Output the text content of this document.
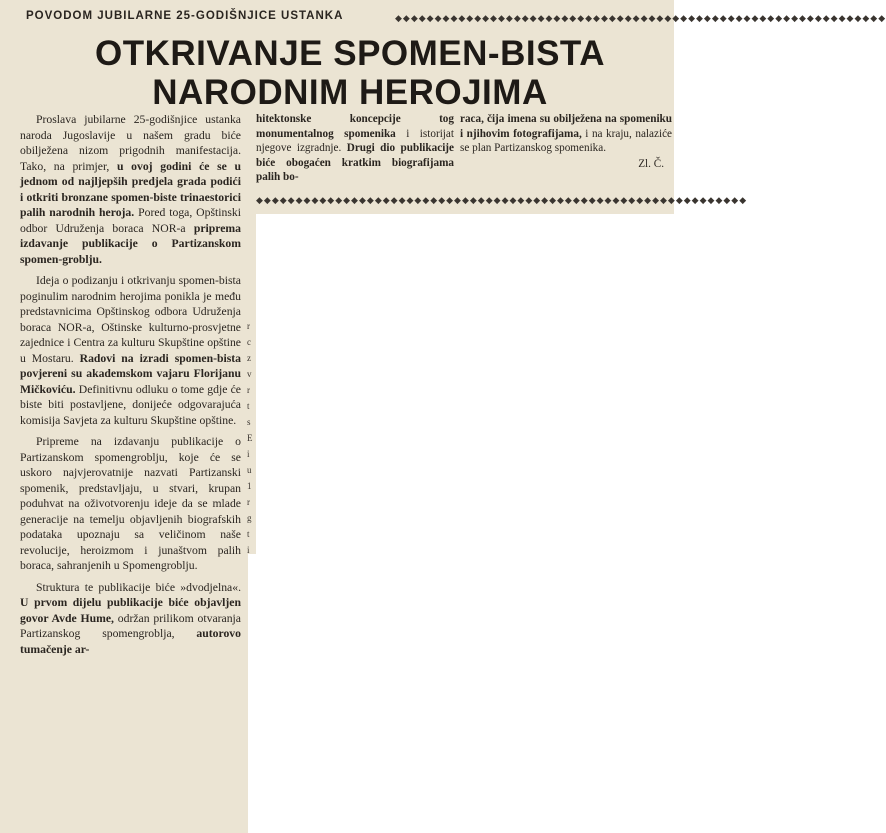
POVODOM JUBILARNE 25-GODIŠNJICE USTANKA	◆◆◆◆◆◆◆◆◆◆◆◆◆◆◆◆◆◆◆◆◆◆◆◆◆◆◆◆◆◆◆◆◆◆◆◆◆◆◆◆◆◆◆◆◆◆◆◆◆◆◆◆◆◆◆◆◆◆◆◆◆◆
OTKRIVANJE SPOMEN-BISTA
NARODNIM HEROJIMA

Proslava jubilarne 25-godišnjice ustanka naroda Jugoslavije u našem gradu biće obilježena nizom prigodnih manifestacija. Tako, na primjer, u ovoj godini će se u jednom od najljepših predjela grada podići i otkriti bronzane spomen-biste trinaestorici palih narodnih heroja. Pored toga, Opštinski odbor Udruženja boraca NOR-a priprema izdavanje publikacije o Partizanskom spomen-groblju.

Ideja o podizanju i otkrivanju spomen-bista poginulim narodnim herojima ponikla je među predstavnicima Opštinskog odbora Udruženja boraca NOR-a, Oštinske kulturno-prosvjetne zajednice i Centra za kulturu Skupštine opštine u Mostaru. Radovi na izradi spomen-bista povjereni su akademskom vajaru Florijanu Mičkoviću. Definitivnu odluku o tome gdje će biste biti postavljene, donijeće odgovarajuća komisija Savjeta za kulturu Skupštine opštine.

Pripreme na izdavanju publikacije o Partizanskom spomengroblju, koje će se uskoro najvjerovatnije nazvati Partizanski spomenik, predstavljaju, u stvari, krupan poduhvat na oživotvorenju ideje da se mlade generacije na temelju objavljenih biografskih podataka upoznaju sa veličinom naše revolucije, heroizmom i junaštvom palih boraca, sahranjenih u Spomengroblju.

Struktura te publikacije biće »dvodjelna«. U prvom dijelu publikacije biće objavljen govor Avde Hume, održan prilikom otvaranja Partizanskog spomengroblja, autorovo tumačenje ar-

hitektonske koncepcije tog monumentalnog spomenika i istorijat njegove izgradnje. Drugi dio publikacije biće obogaćen kratkim biografijama palih bo-

raca, čija imena su obilježena na spomeniku i njihovim fotografijama, i na kraju, nalaziće se plan Partizanskog spomenika.

Zl. Č.
◆◆◆◆◆◆◆◆◆◆◆◆◆◆◆◆◆◆◆◆◆◆◆◆◆◆◆◆◆◆◆◆◆◆◆◆◆◆◆◆◆◆◆◆◆◆◆◆◆◆◆◆◆◆◆◆◆◆◆◆◆◆
r
c
z
v
r
t
s
E
i
u
1
r
g
t
i
